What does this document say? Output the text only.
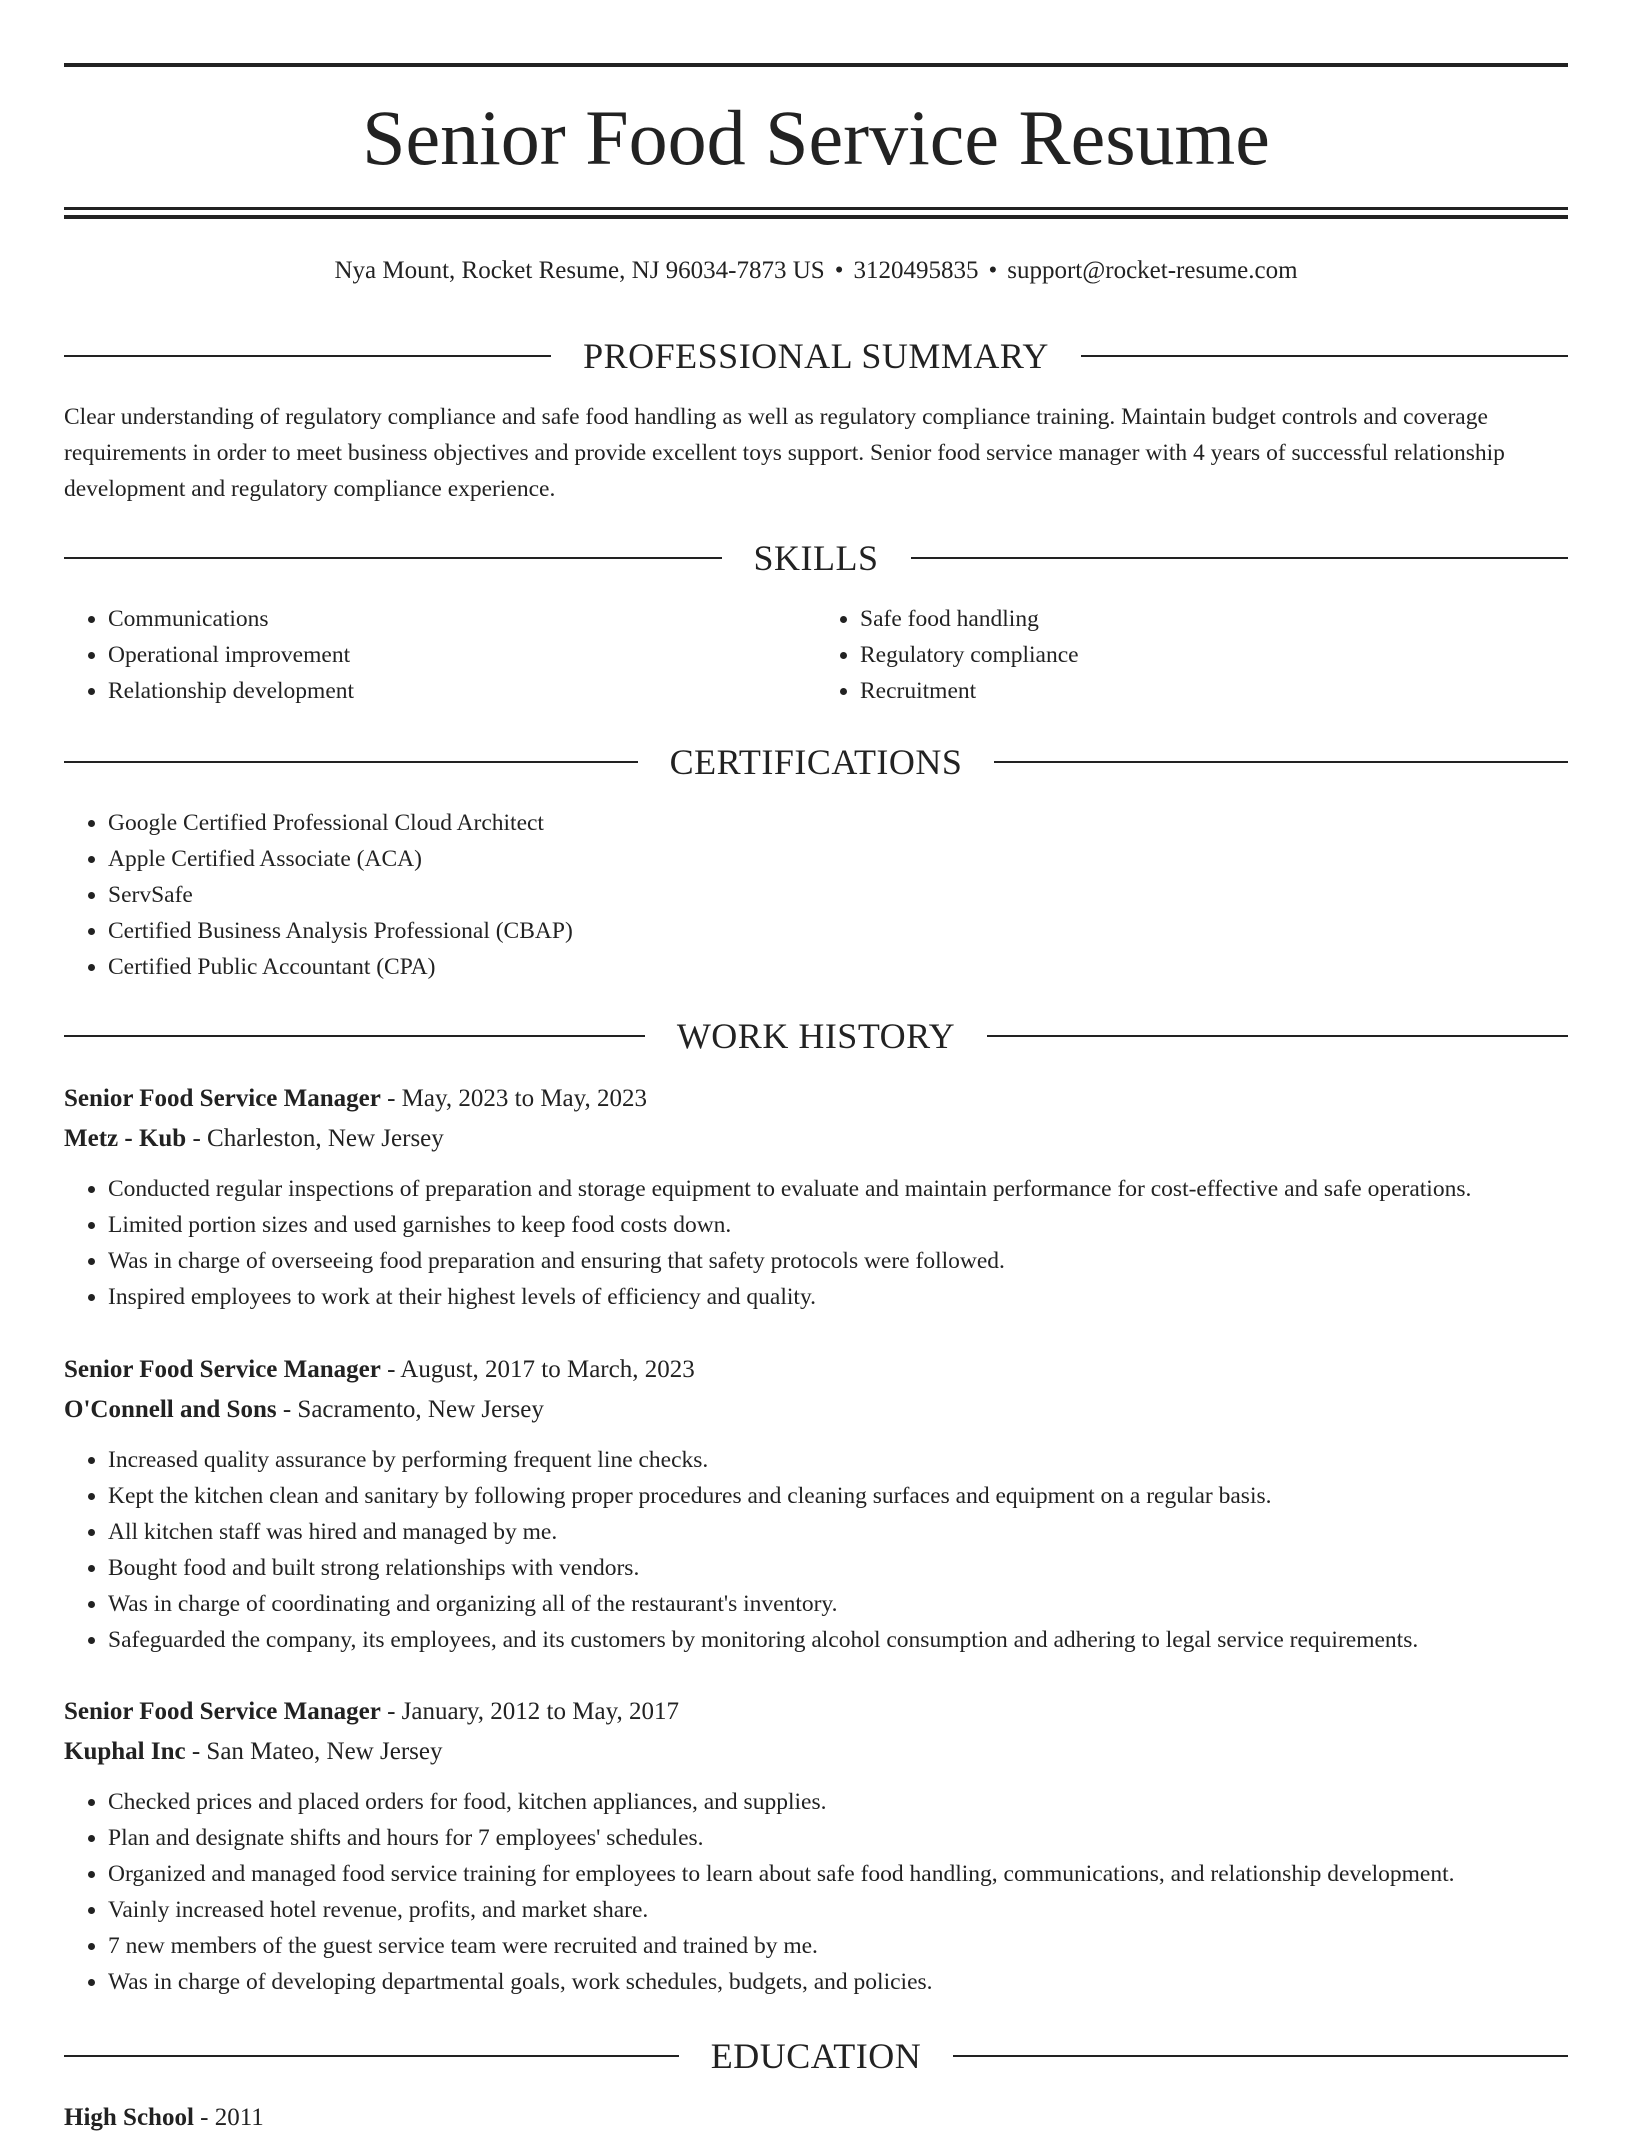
Senior Food Service Resume
Nya Mount, Rocket Resume, NJ 96034-7873 US • 3120495835 • support@rocket-resume.com
PROFESSIONAL SUMMARY

Clear understanding of regulatory compliance and safe food handling as well as regulatory compliance training. Maintain budget controls and coverage requirements in order to meet business objectives and provide excellent toys support. Senior food service manager with 4 years of successful relationship development and regulatory compliance experience.

SKILLS
• Communications
• Operational improvement
• Relationship development
• Safe food handling
• Regulatory compliance
• Recruitment
CERTIFICATIONS
• Google Certified Professional Cloud Architect
• Apple Certified Associate (ACA)
• ServSafe
• Certified Business Analysis Professional (CBAP)
• Certified Public Accountant (CPA)
WORK HISTORY
Senior Food Service Manager - May, 2023 to May, 2023
Metz - Kub - Charleston, New Jersey
• Conducted regular inspections of preparation and storage equipment to evaluate and maintain performance for cost-effective and safe operations.
• Limited portion sizes and used garnishes to keep food costs down.
• Was in charge of overseeing food preparation and ensuring that safety protocols were followed.
• Inspired employees to work at their highest levels of efficiency and quality.
Senior Food Service Manager - August, 2017 to March, 2023
O'Connell and Sons - Sacramento, New Jersey
• Increased quality assurance by performing frequent line checks.
• Kept the kitchen clean and sanitary by following proper procedures and cleaning surfaces and equipment on a regular basis.
• All kitchen staff was hired and managed by me.
• Bought food and built strong relationships with vendors.
• Was in charge of coordinating and organizing all of the restaurant's inventory.
• Safeguarded the company, its employees, and its customers by monitoring alcohol consumption and adhering to legal service requirements.
Senior Food Service Manager - January, 2012 to May, 2017
Kuphal Inc - San Mateo, New Jersey
• Checked prices and placed orders for food, kitchen appliances, and supplies.
• Plan and designate shifts and hours for 7 employees' schedules.
• Organized and managed food service training for employees to learn about safe food handling, communications, and relationship development.
• Vainly increased hotel revenue, profits, and market share.
• 7 new members of the guest service team were recruited and trained by me.
• Was in charge of developing departmental goals, work schedules, budgets, and policies.
EDUCATION
High School - 2011
